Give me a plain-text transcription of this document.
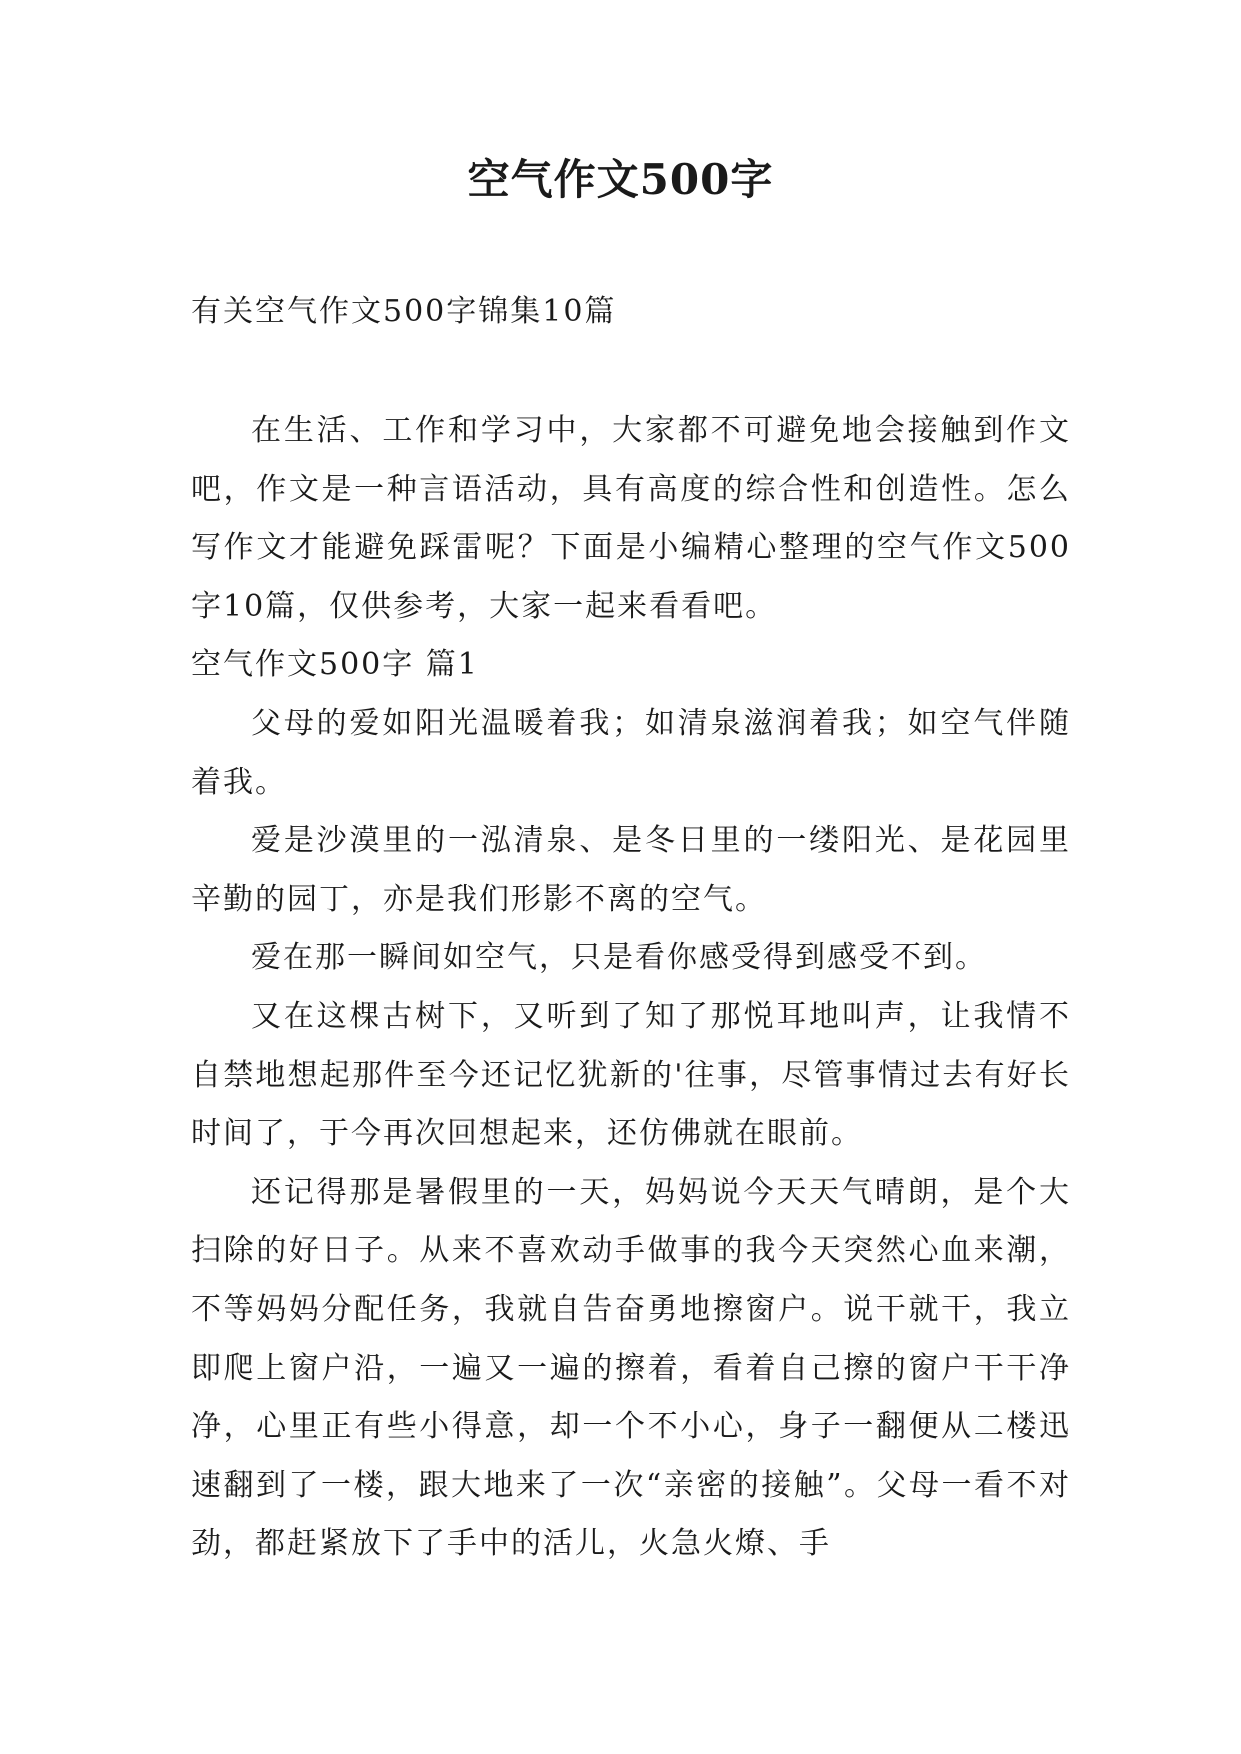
空气作文500字
有关空气作文500字锦集10篇

在生活、工作和学习中，大家都不可避免地会接触到作文吧，作文是一种言语活动，具有高度的综合性和创造性。怎么写作文才能避免踩雷呢？下面是小编精心整理的空气作文500字10篇，仅供参考，大家一起来看看吧。

空气作文500字 篇1

父母的爱如阳光温暖着我；如清泉滋润着我；如空气伴随着我。

爱是沙漠里的一泓清泉、是冬日里的一缕阳光、是花园里辛勤的园丁，亦是我们形影不离的空气。

爱在那一瞬间如空气，只是看你感受得到感受不到。

又在这棵古树下，又听到了知了那悦耳地叫声，让我情不自禁地想起那件至今还记忆犹新的'往事，尽管事情过去有好长时间了，于今再次回想起来，还仿佛就在眼前。

还记得那是暑假里的一天，妈妈说今天天气晴朗，是个大扫除的好日子。从来不喜欢动手做事的我今天突然心血来潮，不等妈妈分配任务，我就自告奋勇地擦窗户。说干就干，我立即爬上窗户沿，一遍又一遍的擦着，看着自己擦的窗户干干净净，心里正有些小得意，却一个不小心，身子一翻便从二楼迅速翻到了一楼，跟大地来了一次“亲密的接触”。父母一看不对劲，都赶紧放下了手中的活儿，火急火燎、手
